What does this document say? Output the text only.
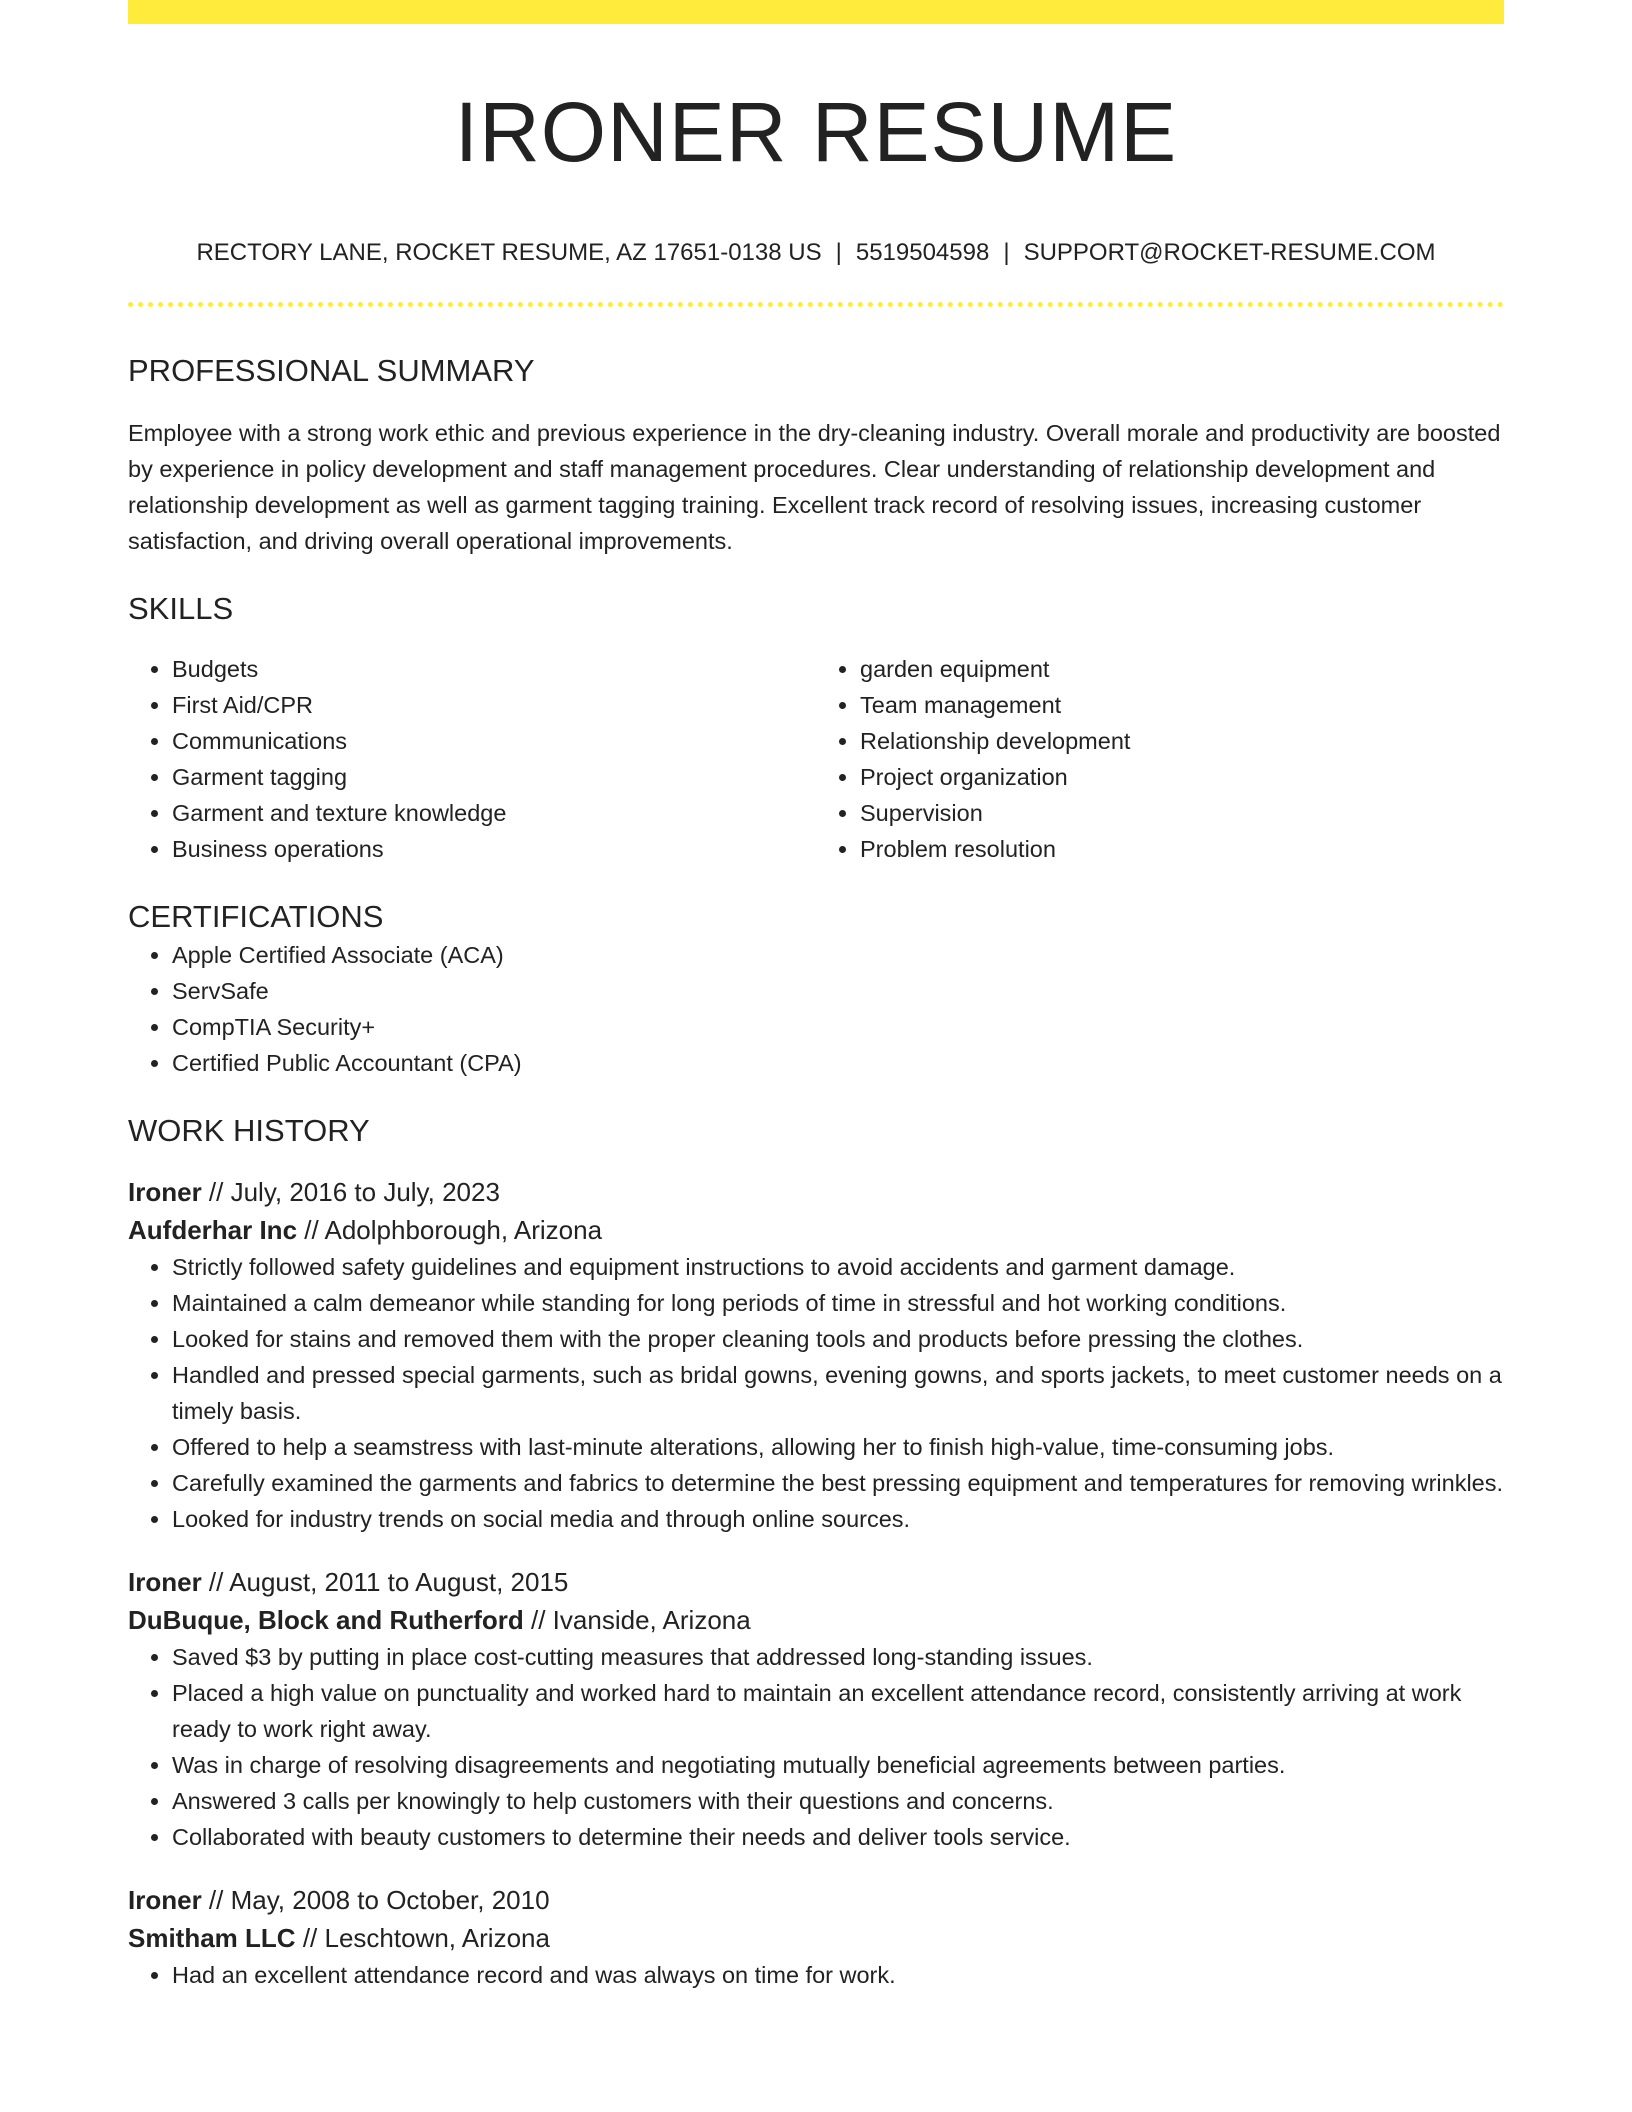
IRONER RESUME
RECTORY LANE, ROCKET RESUME, AZ 17651-0138 US | 5519504598 | SUPPORT@ROCKET-RESUME.COM
PROFESSIONAL SUMMARY

Employee with a strong work ethic and previous experience in the dry-cleaning industry. Overall morale and productivity are boosted by experience in policy development and staff management procedures. Clear understanding of relationship development and relationship development as well as garment tagging training. Excellent track record of resolving issues, increasing customer satisfaction, and driving overall operational improvements.

SKILLS
• Budgets
• First Aid/CPR
• Communications
• Garment tagging
• Garment and texture knowledge
• Business operations
• garden equipment
• Team management
• Relationship development
• Project organization
• Supervision
• Problem resolution
CERTIFICATIONS
• Apple Certified Associate (ACA)
• ServSafe
• CompTIA Security+
• Certified Public Accountant (CPA)
WORK HISTORY
Ironer // July, 2016 to July, 2023
Aufderhar Inc // Adolphborough, Arizona
• Strictly followed safety guidelines and equipment instructions to avoid accidents and garment damage.
• Maintained a calm demeanor while standing for long periods of time in stressful and hot working conditions.
• Looked for stains and removed them with the proper cleaning tools and products before pressing the clothes.
• Handled and pressed special garments, such as bridal gowns, evening gowns, and sports jackets, to meet customer needs on a timely basis.
• Offered to help a seamstress with last-minute alterations, allowing her to finish high-value, time-consuming jobs.
• Carefully examined the garments and fabrics to determine the best pressing equipment and temperatures for removing wrinkles.
• Looked for industry trends on social media and through online sources.
Ironer // August, 2011 to August, 2015
DuBuque, Block and Rutherford // Ivanside, Arizona
• Saved $3 by putting in place cost-cutting measures that addressed long-standing issues.
• Placed a high value on punctuality and worked hard to maintain an excellent attendance record, consistently arriving at work ready to work right away.
• Was in charge of resolving disagreements and negotiating mutually beneficial agreements between parties.
• Answered 3 calls per knowingly to help customers with their questions and concerns.
• Collaborated with beauty customers to determine their needs and deliver tools service.
Ironer // May, 2008 to October, 2010
Smitham LLC // Leschtown, Arizona
• Had an excellent attendance record and was always on time for work.
